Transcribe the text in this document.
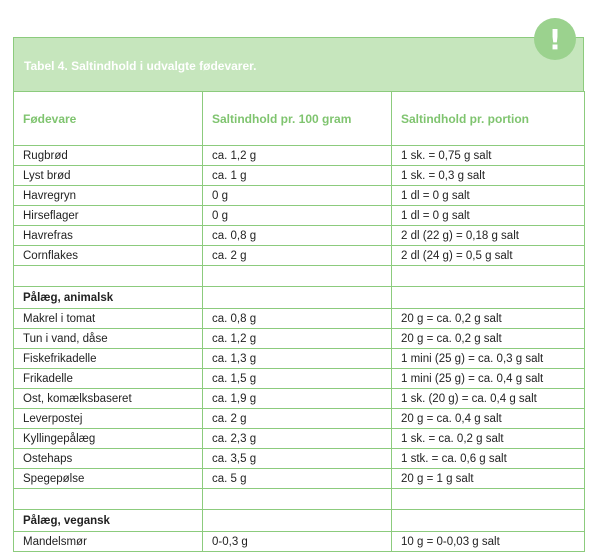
!
Tabel 4. Saltindhold i udvalgte fødevarer.
Fødevare	Saltindhold pr. 100 gram	Saltindhold pr. portion
Rugbrød	ca. 1,2 g	1 sk. = 0,75 g salt
Lyst brød	ca. 1 g	1 sk. = 0,3 g salt
Havregryn	0 g	1 dl = 0 g salt
Hirseflager	0 g	1 dl = 0 g salt
Havrefras	ca. 0,8 g	2 dl (22 g) = 0,18 g salt
Cornflakes	ca. 2 g	2 dl (24 g) = 0,5 g salt

Pålæg, animalsk		
Makrel i tomat	ca. 0,8 g	20 g = ca. 0,2 g salt
Tun i vand, dåse	ca. 1,2 g	20 g = ca. 0,2 g salt
Fiskefrikadelle	ca. 1,3 g	1 mini (25 g) = ca. 0,3 g salt
Frikadelle	ca. 1,5 g	1 mini (25 g) = ca. 0,4 g salt
Ost, komælksbaseret	ca. 1,9 g	1 sk. (20 g) = ca. 0,4 g salt
Leverpostej	ca. 2 g	20 g = ca. 0,4 g salt
Kyllingepålæg	ca. 2,3 g	1 sk. = ca. 0,2 g salt
Ostehaps	ca. 3,5 g	1 stk. = ca. 0,6 g salt
Spegepølse	ca. 5 g	20 g = 1 g salt

Pålæg, vegansk		
Mandelsmør	0-0,3 g	10 g = 0-0,03 g salt
